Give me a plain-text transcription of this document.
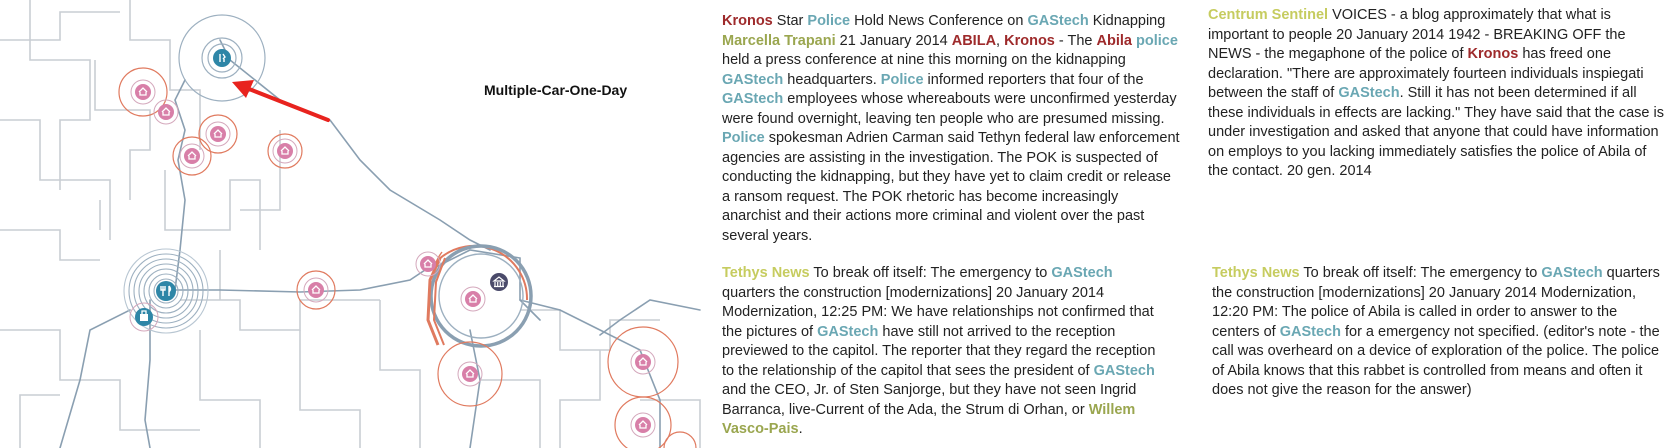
Multiple-Car-One-Day
Kronos Star Police Hold News Conference on GAStech Kidnapping Marcella Trapani 21 January 2014 ABILA, Kronos - The Abila police held a press conference at nine this morning on the kidnapping GAStech headquarters. Police informed reporters that four of the GAStech employees whose whereabouts were unconfirmed yesterday were found overnight, leaving ten people who are presumed missing. Police spokesman Adrien Carman said Tethyn federal law enforcement agencies are assisting in the investigation. The POK is suspected of conducting the kidnapping, but they have yet to claim credit or release a ransom request. The POK rhetoric has become increasingly anarchist and their actions more criminal and violent over the past several years.
Centrum Sentinel VOICES - a blog approximately that what is important to people 20 January 2014 1942 - BREAKING OFF the NEWS - the megaphone of the police of Kronos has freed one declaration. "There are approximately fourteen individuals inspiegati between the staff of GAStech. Still it has not been determined if all these individuals in effects are lacking." They have said that the case is under investigation and asked that anyone that could have information on employs to you lacking immediately satisfies the police of Abila of the contact. 20 gen. 2014
Tethys News To break off itself: The emergency to GAStech quarters the construction [modernizations] 20 January 2014 Modernization, 12:25 PM: We have relationships not confirmed that the pictures of GAStech have still not arrived to the reception previewed to the capitol. The reporter that they regard the reception to the relationship of the capitol that sees the president of GAStech and the CEO, Jr. of Sten Sanjorge, but they have not seen Ingrid Barranca, live-Current of the Ada, the Strum di Orhan, or Willem Vasco-Pais.
Tethys News To break off itself: The emergency to GAStech quarters the construction [modernizations] 20 January 2014 Modernization, 12:20 PM: The police of Abila is called in order to answer to the centers of GAStech for a emergency not specified. (editor's note - the call was overheard on a device of exploration of the police. The police of Abila knows that this rabbet is controlled from means and often it does not give the reason for the answer)
